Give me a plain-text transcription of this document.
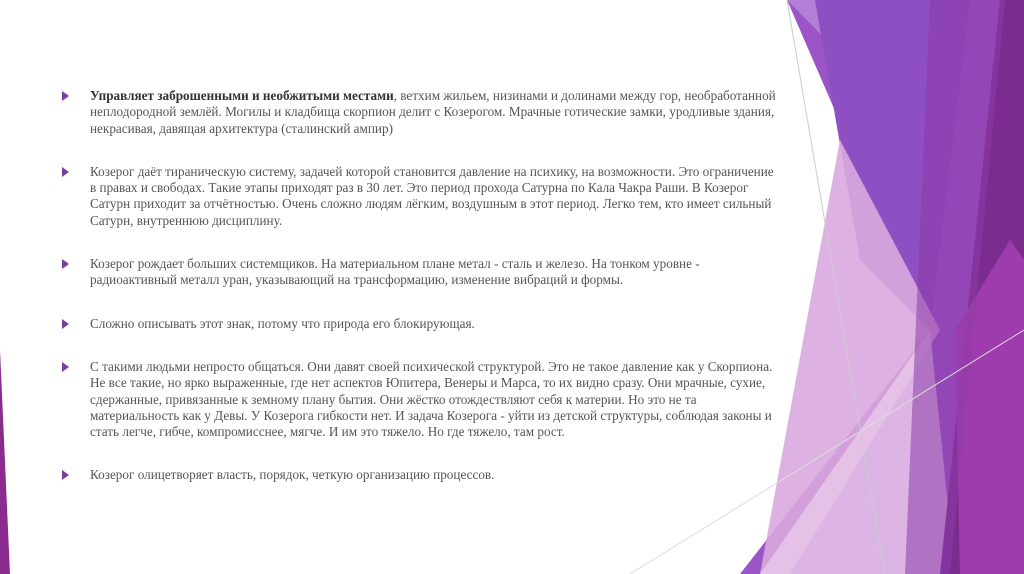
Управляет заброшенными и необжитыми местами, ветхим жильем, низинами и долинами между гор, необработанной неплодородной землёй. Могилы и кладбища скорпион делит с Козерогом. Мрачные готические замки, уродливые здания, некрасивая, давящая архитектура (сталинский ампир)

Козерог даёт тираническую систему, задачей которой становится давление на психику, на возможности. Это ограничение в правах и свободах. Такие этапы приходят раз в 30 лет. Это период прохода Сатурна по Кала Чакра Раши. В Козерог Сатурн приходит за отчётностью. Очень сложно людям лёгким, воздушным в этот период. Легко тем, кто имеет сильный Сатурн, внутреннюю дисциплину.

Козерог рождает больших системщиков. На материальном плане метал - сталь и железо. На тонком уровне - радиоактивный металл уран, указывающий на трансформацию, изменение вибраций и формы.

Сложно описывать этот знак, потому что природа его блокирующая.

С такими людьми непросто общаться. Они давят своей психической структурой. Это не такое давление как у Скорпиона. Не все такие, но ярко выраженные, где нет аспектов Юпитера, Венеры и Марса, то их видно сразу. Они мрачные, сухие, сдержанные, привязанные к земному плану бытия. Они жёстко отождествляют себя к материи. Но это не та материальность как у Девы. У Козерога гибкости нет. И задача Козерога - уйти из детской структуры, соблюдая законы и стать легче, гибче, компромисснее, мягче. И им это тяжело. Но где тяжело, там рост.

Козерог олицетворяет власть, порядок, четкую организацию процессов.
